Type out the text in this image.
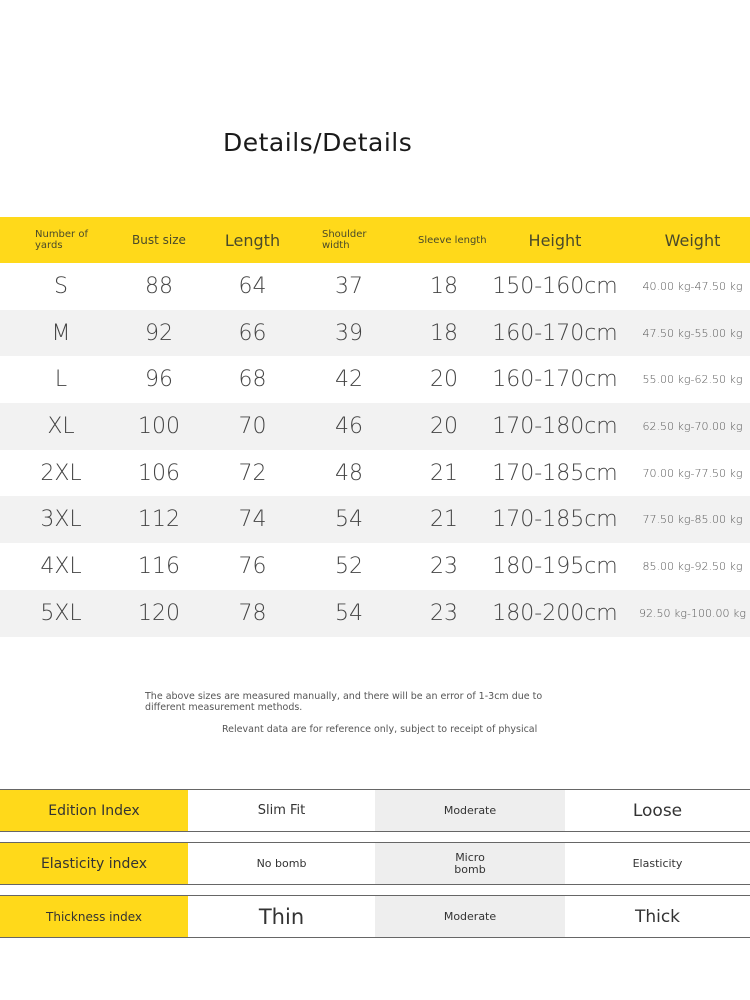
Details/Details
Number of yards	Bust size	Length	Shoulder width	Sleeve length	Height	Weight
S	88	64	37	18	150-160cm	40.00 kg-47.50 kg
M	92	66	39	18	160-170cm	47.50 kg-55.00 kg
L	96	68	42	20	160-170cm	55.00 kg-62.50 kg
XL	100	70	46	20	170-180cm	62.50 kg-70.00 kg
2XL	106	72	48	21	170-185cm	70.00 kg-77.50 kg
3XL	112	74	54	21	170-185cm	77.50 kg-85.00 kg
4XL	116	76	52	23	180-195cm	85.00 kg-92.50 kg
5XL	120	78	54	23	180-200cm	92.50 kg-100.00 kg
The above sizes are measured manually, and there will be an error of 1-3cm due to different measurement methods.
Relevant data are for reference only, subject to receipt of physical
Edition Index	Slim Fit	Moderate	Loose
Elasticity index	No bomb	Micro bomb	Elasticity
Thickness index	Thin	Moderate	Thick
